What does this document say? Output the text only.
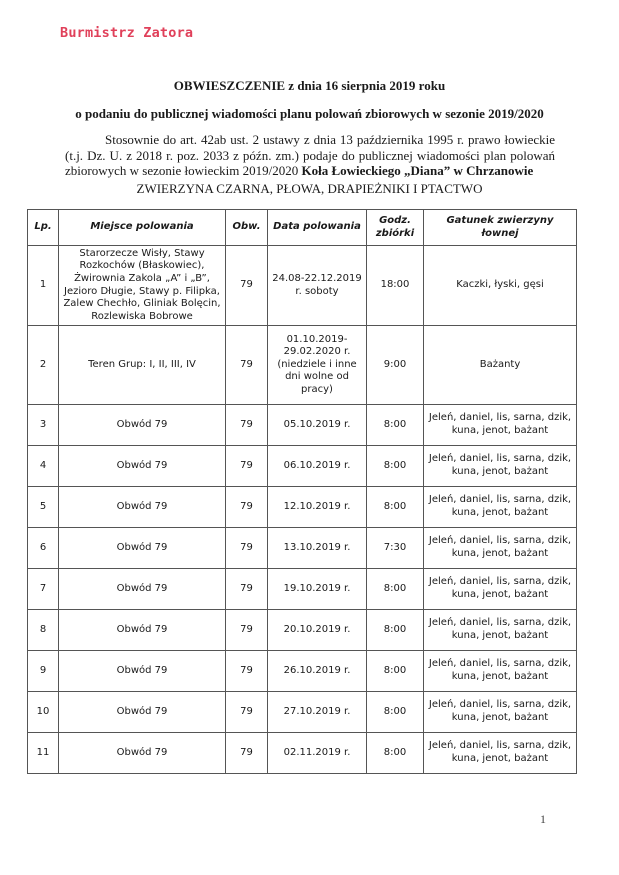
Burmistrz Zatora
OBWIESZCZENIE z dnia 16 sierpnia 2019 roku
o podaniu do publicznej wiadomości planu polowań zbiorowych w sezonie 2019/2020
Stosownie do art. 42ab ust. 2 ustawy z dnia 13 października 1995 r. prawo łowieckie (t.j. Dz. U. z 2018 r. poz. 2033 z późn. zm.) podaje do publicznej wiadomości plan polowań zbiorowych w sezonie łowieckim 2019/2020 Koła Łowieckiego „Diana” w Chrzanowie
ZWIERZYNA CZARNA, PŁOWA, DRAPIEŻNIKI I PTACTWO
Lp.	Miejsce polowania	Obw.	Data polowania	Godz. zbiórki	Gatunek zwierzyny łownej
1	Starorzecze Wisły, Stawy Rozkochów (Błaskowiec), Żwirownia Zakola „A” i „B”, Jezioro Długie, Stawy p. Filipka, Zalew Chechło, Gliniak Bolęcin, Rozlewiska Bobrowe	79	24.08-22.12.2019 r. soboty	18:00	Kaczki, łyski, gęsi
2	Teren Grup: I, II, III, IV	79	01.10.2019-29.02.2020 r. (niedziele i inne dni wolne od pracy)	9:00	Bażanty
3	Obwód 79	79	05.10.2019 r.	8:00	Jeleń, daniel, lis, sarna, dzik, kuna, jenot, bażant
4	Obwód 79	79	06.10.2019 r.	8:00	Jeleń, daniel, lis, sarna, dzik, kuna, jenot, bażant
5	Obwód 79	79	12.10.2019 r.	8:00	Jeleń, daniel, lis, sarna, dzik, kuna, jenot, bażant
6	Obwód 79	79	13.10.2019 r.	7:30	Jeleń, daniel, lis, sarna, dzik, kuna, jenot, bażant
7	Obwód 79	79	19.10.2019 r.	8:00	Jeleń, daniel, lis, sarna, dzik, kuna, jenot, bażant
8	Obwód 79	79	20.10.2019 r.	8:00	Jeleń, daniel, lis, sarna, dzik, kuna, jenot, bażant
9	Obwód 79	79	26.10.2019 r.	8:00	Jeleń, daniel, lis, sarna, dzik, kuna, jenot, bażant
10	Obwód 79	79	27.10.2019 r.	8:00	Jeleń, daniel, lis, sarna, dzik, kuna, jenot, bażant
11	Obwód 79	79	02.11.2019 r.	8:00	Jeleń, daniel, lis, sarna, dzik, kuna, jenot, bażant
1
